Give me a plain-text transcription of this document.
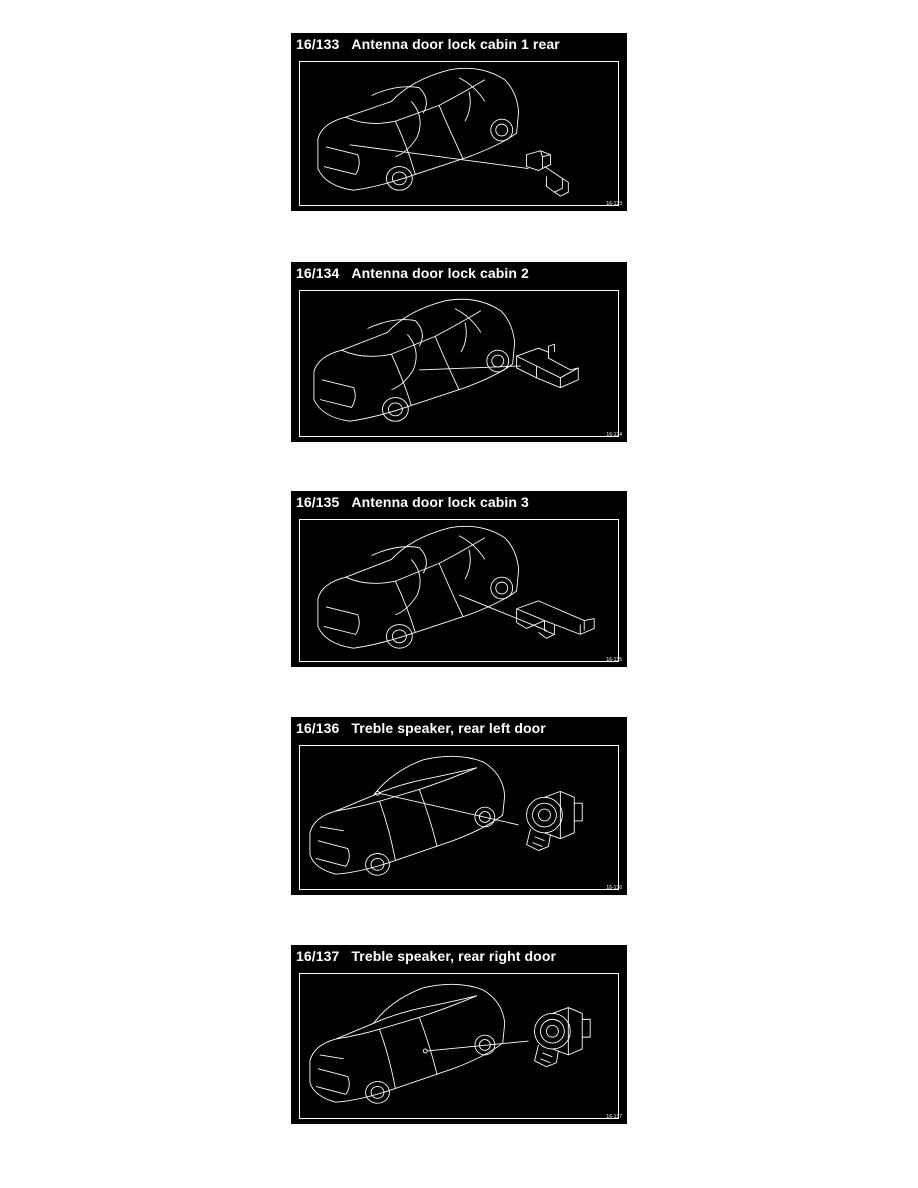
16/133 Antenna door lock cabin 1 rear
16-133
16/134 Antenna door lock cabin 2
16-134
16/135 Antenna door lock cabin 3
16-135
16/136 Treble speaker, rear left door
16-136
16/137 Treble speaker, rear right door
16-137
